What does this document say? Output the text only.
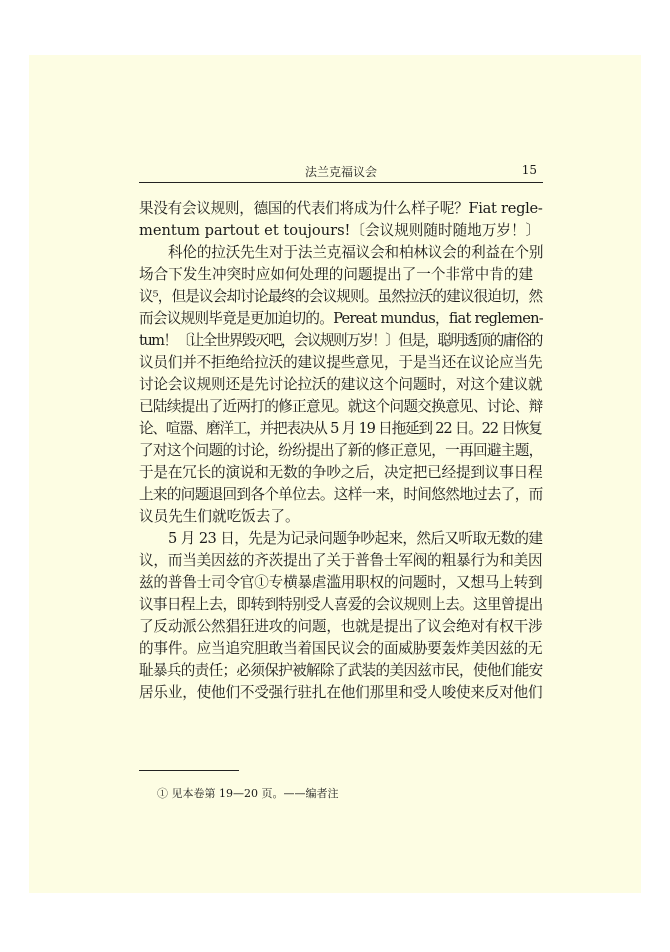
法兰克福议会	15
果没有会议规则，德国的代表们将成为什么样子呢？Fiat regle-
mentum partout et toujours!〔会议规则随时随地万岁！〕
科伦的拉沃先生对于法兰克福议会和柏林议会的利益在个别
场合下发生冲突时应如何处理的问题提出了一个非常中肯的建
议⁵，但是议会却讨论最终的会议规则。虽然拉沃的建议很迫切，然
而会议规则毕竟是更加迫切的。Pereat mundus，fiat reglemen-
tum！〔让全世界毁灭吧，会议规则万岁！〕但是，聪明透顶的庸俗的
议员们并不拒绝给拉沃的建议提些意见，于是当还在议论应当先
讨论会议规则还是先讨论拉沃的建议这个问题时，对这个建议就
已陆续提出了近两打的修正意见。就这个问题交换意见、讨论、辩
论、喧嚣、磨洋工，并把表决从 5 月 19 日拖延到 22 日。22 日恢复
了对这个问题的讨论，纷纷提出了新的修正意见，一再回避主题，
于是在冗长的演说和无数的争吵之后，决定把已经提到议事日程
上来的问题退回到各个单位去。这样一来，时间悠然地过去了，而
议员先生们就吃饭去了。
5 月 23 日，先是为记录问题争吵起来，然后又听取无数的建
议，而当美因兹的齐茨提出了关于普鲁士军阀的粗暴行为和美因
兹的普鲁士司令官①专横暴虐滥用职权的问题时，又想马上转到
议事日程上去，即转到特别受人喜爱的会议规则上去。这里曾提出
了反动派公然猖狂进攻的问题，也就是提出了议会绝对有权干涉
的事件。应当追究胆敢当着国民议会的面威胁要轰炸美因兹的无
耻暴兵的责任；必须保护被解除了武装的美因兹市民，使他们能安
居乐业，使他们不受强行驻扎在他们那里和受人唆使来反对他们
① 见本卷第 19—20 页。——编者注
